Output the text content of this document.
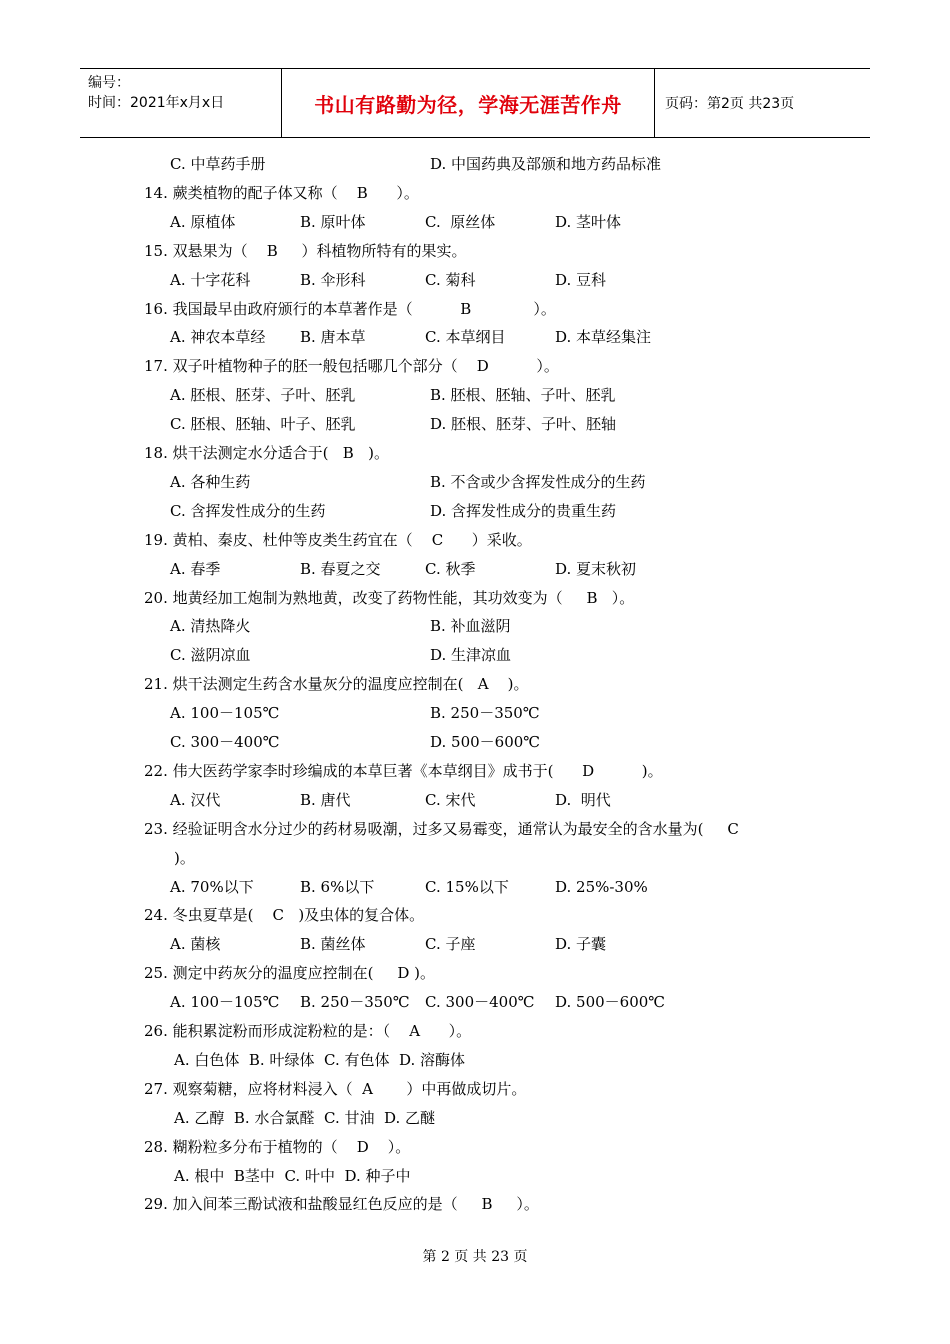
编号：
时间：2021年x月x日	书山有路勤为径，学海无涯苦作舟	页码：第2页 共23页
C. 中草药手册	D. 中国药典及部颁和地方药品标准
14. 蕨类植物的配子体又称（    B      ）。
A. 原植体	B. 原叶体	C.  原丝体	D. 茎叶体
15. 双悬果为（    B     ）科植物所特有的果实。
A. 十字花科	B. 伞形科	C. 菊科	D. 豆科
16. 我国最早由政府颁行的本草著作是（          B             ）。
A. 神农本草经 B. 唐本草	C. 本草纲目	D. 本草经集注
17. 双子叶植物种子的胚一般包括哪几个部分（    D          ）。
A. 胚根、胚芽、子叶、胚乳	B. 胚根、胚轴、子叶、胚乳
C. 胚根、胚轴、叶子、胚乳	D. 胚根、胚芽、子叶、胚轴
18. 烘干法测定水分适合于(   B   )。
A. 各种生药	B. 不含或少含挥发性成分的生药
C. 含挥发性成分的生药	D. 含挥发性成分的贵重生药
19. 黄柏、秦皮、杜仲等皮类生药宜在（    C      ）采收。
A. 春季	B. 春夏之交	C. 秋季	D. 夏末秋初
20. 地黄经加工炮制为熟地黄，改变了药物性能，其功效变为（     B   ）。
A. 清热降火	B. 补血滋阴
C. 滋阴凉血	D. 生津凉血
21. 烘干法测定生药含水量灰分的温度应控制在(   A    )。
A. 100－105℃	B. 250－350℃
C. 300－400℃	D. 500－600℃
22. 伟大医药学家李时珍编成的本草巨著《本草纲目》成书于(      D          )。
A. 汉代	B. 唐代	C. 宋代	D.  明代
23. 经验证明含水分过少的药材易吸潮，过多又易霉变，通常认为最安全的含水量为(     C
)。
A. 70%以下	B. 6%以下	C. 15%以下	D. 25%-30%
24. 冬虫夏草是(    C   )及虫体的复合体。
A. 菌核	B. 菌丝体	C. 子座	D. 子囊
25. 测定中药灰分的温度应控制在(     D )。
A. 100－105℃ B. 250－350℃ C. 300－400℃ D. 500－600℃
26. 能积累淀粉而形成淀粉粒的是：（    A      ）。
A. 白色体  B. 叶绿体  C. 有色体  D. 溶酶体
27. 观察菊糖，应将材料浸入（  A       ）中再做成切片。
A. 乙醇  B. 水合氯醛  C. 甘油  D. 乙醚
28. 糊粉粒多分布于植物的（    D    ）。
A. 根中  B茎中  C. 叶中  D. 种子中
29. 加入间苯三酚试液和盐酸显红色反应的是（     B     ）。
第 2 页 共 23 页
